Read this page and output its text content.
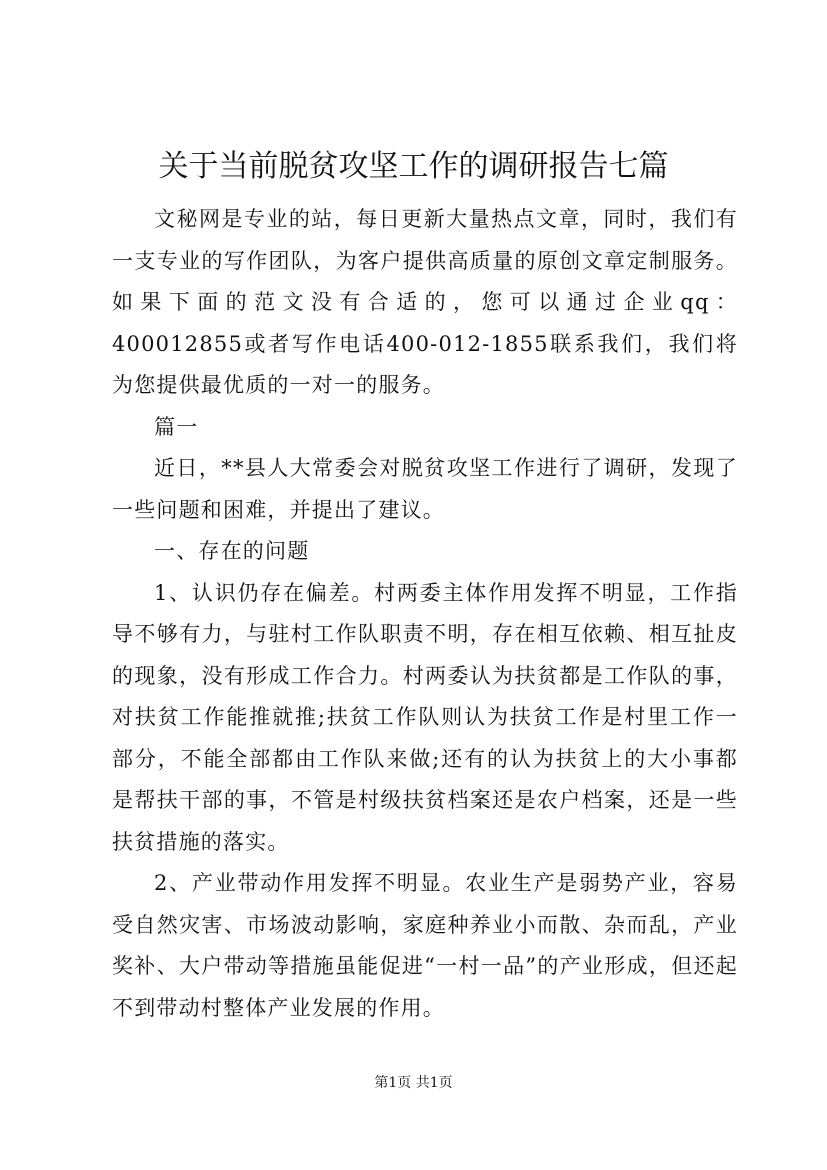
关于当前脱贫攻坚工作的调研报告七篇

文秘网是专业的站，每日更新大量热点文章，同时，我们有一支专业的写作团队，为客户提供高质量的原创文章定制服务。如果下面的范文没有合适的，您可以通过企业qq：400012855或者写作电话400-012-1855联系我们，我们将为您提供最优质的一对一的服务。

篇一

近日，**县人大常委会对脱贫攻坚工作进行了调研，发现了一些问题和困难，并提出了建议。

一、存在的问题

1、认识仍存在偏差。村两委主体作用发挥不明显，工作指导不够有力，与驻村工作队职责不明，存在相互依赖、相互扯皮的现象，没有形成工作合力。村两委认为扶贫都是工作队的事，对扶贫工作能推就推;扶贫工作队则认为扶贫工作是村里工作一部分，不能全部都由工作队来做;还有的认为扶贫上的大小事都是帮扶干部的事，不管是村级扶贫档案还是农户档案，还是一些扶贫措施的落实。

2、产业带动作用发挥不明显。农业生产是弱势产业，容易受自然灾害、市场波动影响，家庭种养业小而散、杂而乱，产业奖补、大户带动等措施虽能促进“一村一品”的产业形成，但还起不到带动村整体产业发展的作用。

第1页 共1页
